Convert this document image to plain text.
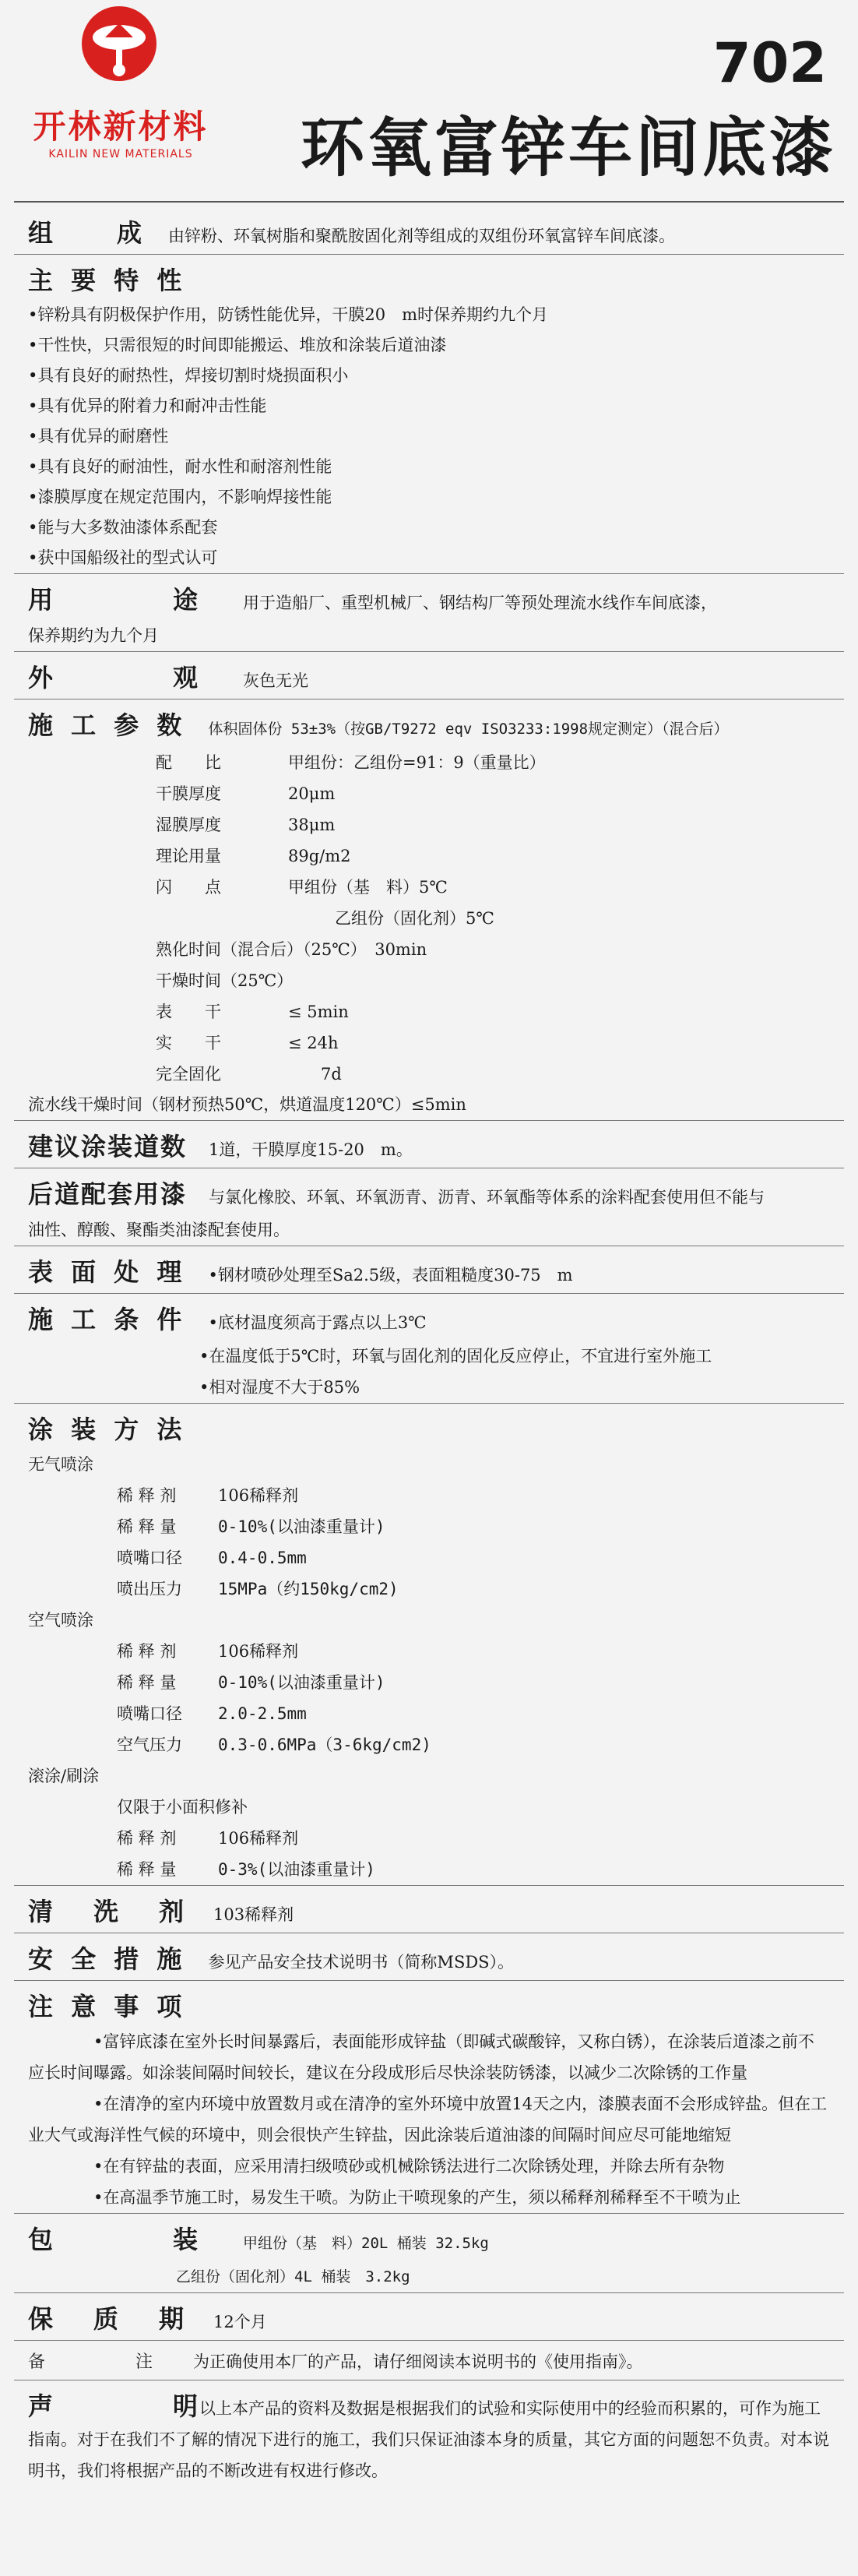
开林新材料
KAILIN NEW MATERIALS
702
环氧富锌车间底漆
组　　成 由锌粉、环氧树脂和聚酰胺固化剂等组成的双组份环氧富锌车间底漆。
主 要 特 性
•锌粉具有阴极保护作用，防锈性能优异，干膜20　m时保养期约九个月
•干性快，只需很短的时间即能搬运、堆放和涂装后道油漆
•具有良好的耐热性，焊接切割时烧损面积小
•具有优异的附着力和耐冲击性能
•具有优异的耐磨性
•具有良好的耐油性，耐水性和耐溶剂性能
•漆膜厚度在规定范围内，不影响焊接性能
•能与大多数油漆体系配套
•获中国船级社的型式认可
用　　途 用于造船厂、重型机械厂、钢结构厂等预处理流水线作车间底漆，
保养期约为九个月
外　　观 灰色无光
施 工 参 数 体积固体份 53±3%（按GB/T9272 eqv ISO3233:1998规定测定）（混合后）
配　　比	甲组份：乙组份=91：9（重量比）
干膜厚度	20μm
湿膜厚度	38μm
理论用量	89g/m2
闪　　点	甲组份（基　料）5℃
乙组份（固化剂）5℃
熟化时间（混合后）（25℃）　30min
干燥时间（25℃）
表　　干	≤ 5min
实　　干	≤ 24h
完全固化	　　7d
流水线干燥时间（钢材预热50℃，烘道温度120℃）≤5min
建议涂装道数 1道，干膜厚度15-20　m。
后道配套用漆 与氯化橡胶、环氧、环氧沥青、沥青、环氧酯等体系的涂料配套使用但不能与
油性、醇酸、聚酯类油漆配套使用。
表 面 处 理 •钢材喷砂处理至Sa2.5级，表面粗糙度30-75　m
施 工 条 件 •底材温度须高于露点以上3℃
•在温度低于5℃时，环氧与固化剂的固化反应停止，不宜进行室外施工
•相对湿度不大于85%
涂 装 方 法
无气喷涂
稀 释 剂	106稀释剂
稀 释 量	0-10%(以油漆重量计)
喷嘴口径	0.4-0.5mm
喷出压力	15MPa（约150kg/cm2)
空气喷涂
稀 释 剂	106稀释剂
稀 释 量	0-10%(以油漆重量计)
喷嘴口径	2.0-2.5mm
空气压力	0.3-0.6MPa（3-6kg/cm2)
滚涂/刷涂
仅限于小面积修补
稀 释 剂	106稀释剂
稀 释 量	0-3%(以油漆重量计)
清　洗　剂 103稀释剂
安 全 措 施 参见产品安全技术说明书（简称MSDS）。
注 意 事 项
•富锌底漆在室外长时间暴露后，表面能形成锌盐（即碱式碳酸锌，又称白锈），在涂装后道漆之前不应长时间曝露。如涂装间隔时间较长，建议在分段成形后尽快涂装防锈漆，以减少二次除锈的工作量
•在清净的室内环境中放置数月或在清净的室外环境中放置14天之内，漆膜表面不会形成锌盐。但在工业大气或海洋性气候的环境中，则会很快产生锌盐，因此涂装后道油漆的间隔时间应尽可能地缩短
•在有锌盐的表面，应采用清扫级喷砂或机械除锈法进行二次除锈处理，并除去所有杂物
•在高温季节施工时，易发生干喷。为防止干喷现象的产生，须以稀释剂稀释至不干喷为止
包　　装 甲组份（基　料）20L 桶装 32.5kg
乙组份（固化剂）4L 桶装　3.2kg
保　质　期 12个月
备　　注 为正确使用本厂的产品，请仔细阅读本说明书的《使用指南》。
声　　明
以上本产品的资料及数据是根据我们的试验和实际使用中的经验而积累的，可作为施工指南。对于在我们不了解的情况下进行的施工，我们只保证油漆本身的质量，其它方面的问题恕不负责。对本说明书，我们将根据产品的不断改进有权进行修改。
